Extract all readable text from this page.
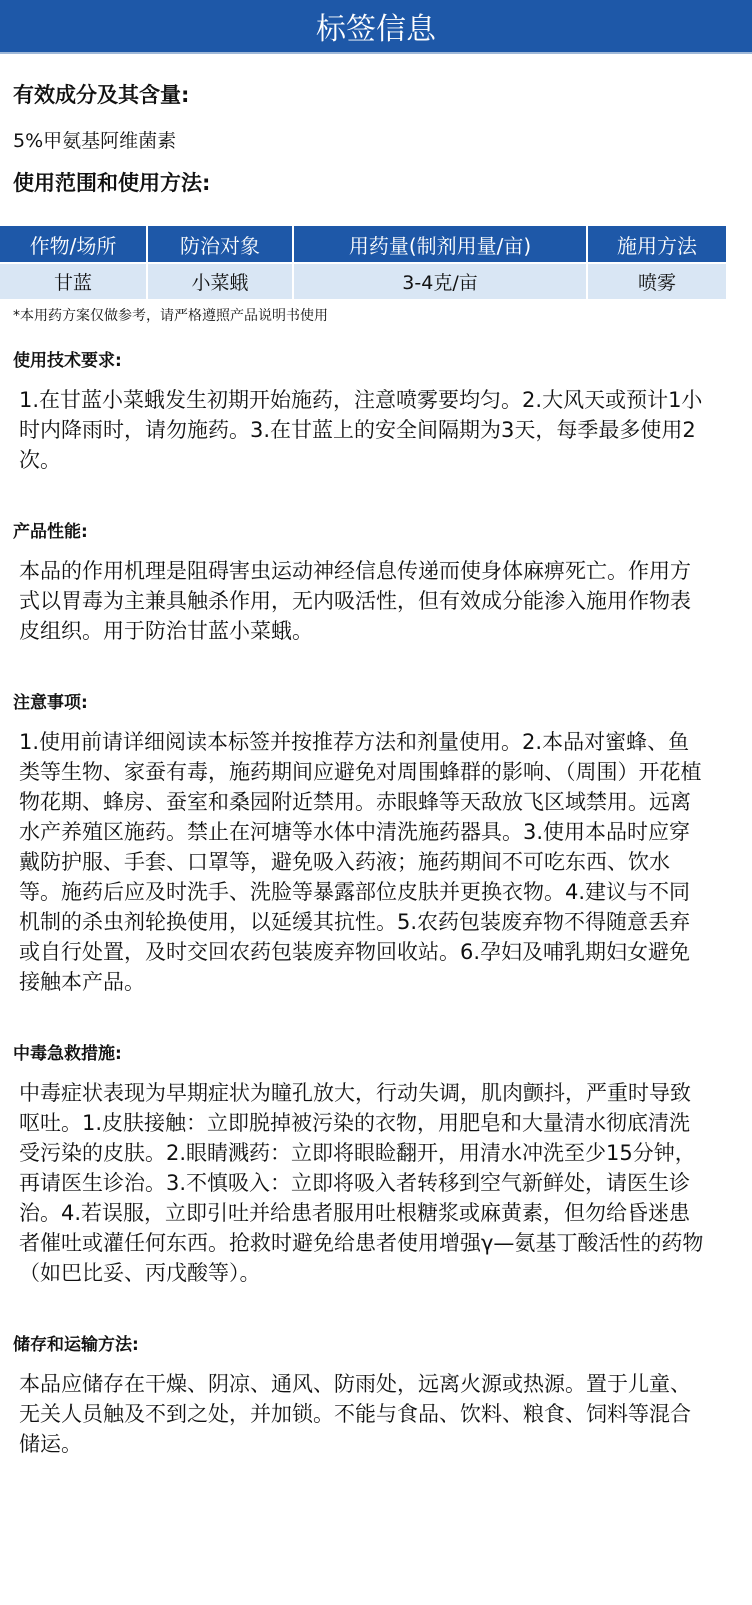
标签信息

有效成分及其含量:

5%甲氨基阿维菌素

使用范围和使用方法:

作物/场所	防治对象	用药量(制剂用量/亩)	施用方法
甘蓝	小菜蛾	3-4克/亩	喷雾

*本用药方案仅做参考，请严格遵照产品说明书使用

使用技术要求:

1.在甘蓝小菜蛾发生初期开始施药，注意喷雾要均匀。2.大风天或预计1小时内降雨时，请勿施药。3.在甘蓝上的安全间隔期为3天，每季最多使用2次。

产品性能:

本品的作用机理是阻碍害虫运动神经信息传递而使身体麻痹死亡。作用方式以胃毒为主兼具触杀作用，无内吸活性，但有效成分能渗入施用作物表皮组织。用于防治甘蓝小菜蛾。

注意事项:

1.使用前请详细阅读本标签并按推荐方法和剂量使用。2.本品对蜜蜂、鱼类等生物、家蚕有毒，施药期间应避免对周围蜂群的影响、（周围）开花植物花期、蜂房、蚕室和桑园附近禁用。赤眼蜂等天敌放飞区域禁用。远离水产养殖区施药。禁止在河塘等水体中清洗施药器具。3.使用本品时应穿戴防护服、手套、口罩等，避免吸入药液；施药期间不可吃东西、饮水等。施药后应及时洗手、洗脸等暴露部位皮肤并更换衣物。4.建议与不同机制的杀虫剂轮换使用，以延缓其抗性。5.农药包装废弃物不得随意丢弃或自行处置，及时交回农药包装废弃物回收站。6.孕妇及哺乳期妇女避免接触本产品。

中毒急救措施:

中毒症状表现为早期症状为瞳孔放大，行动失调，肌肉颤抖，严重时导致呕吐。1.皮肤接触：立即脱掉被污染的衣物，用肥皂和大量清水彻底清洗受污染的皮肤。2.眼睛溅药：立即将眼睑翻开，用清水冲洗至少15分钟，再请医生诊治。3.不慎吸入：立即将吸入者转移到空气新鲜处，请医生诊治。4.若误服，立即引吐并给患者服用吐根糖浆或麻黄素，但勿给昏迷患者催吐或灌任何东西。抢救时避免给患者使用增强γ—氨基丁酸活性的药物（如巴比妥、丙戊酸等）。

储存和运输方法:

本品应储存在干燥、阴凉、通风、防雨处，远离火源或热源。置于儿童、无关人员触及不到之处，并加锁。不能与食品、饮料、粮食、饲料等混合储运。
